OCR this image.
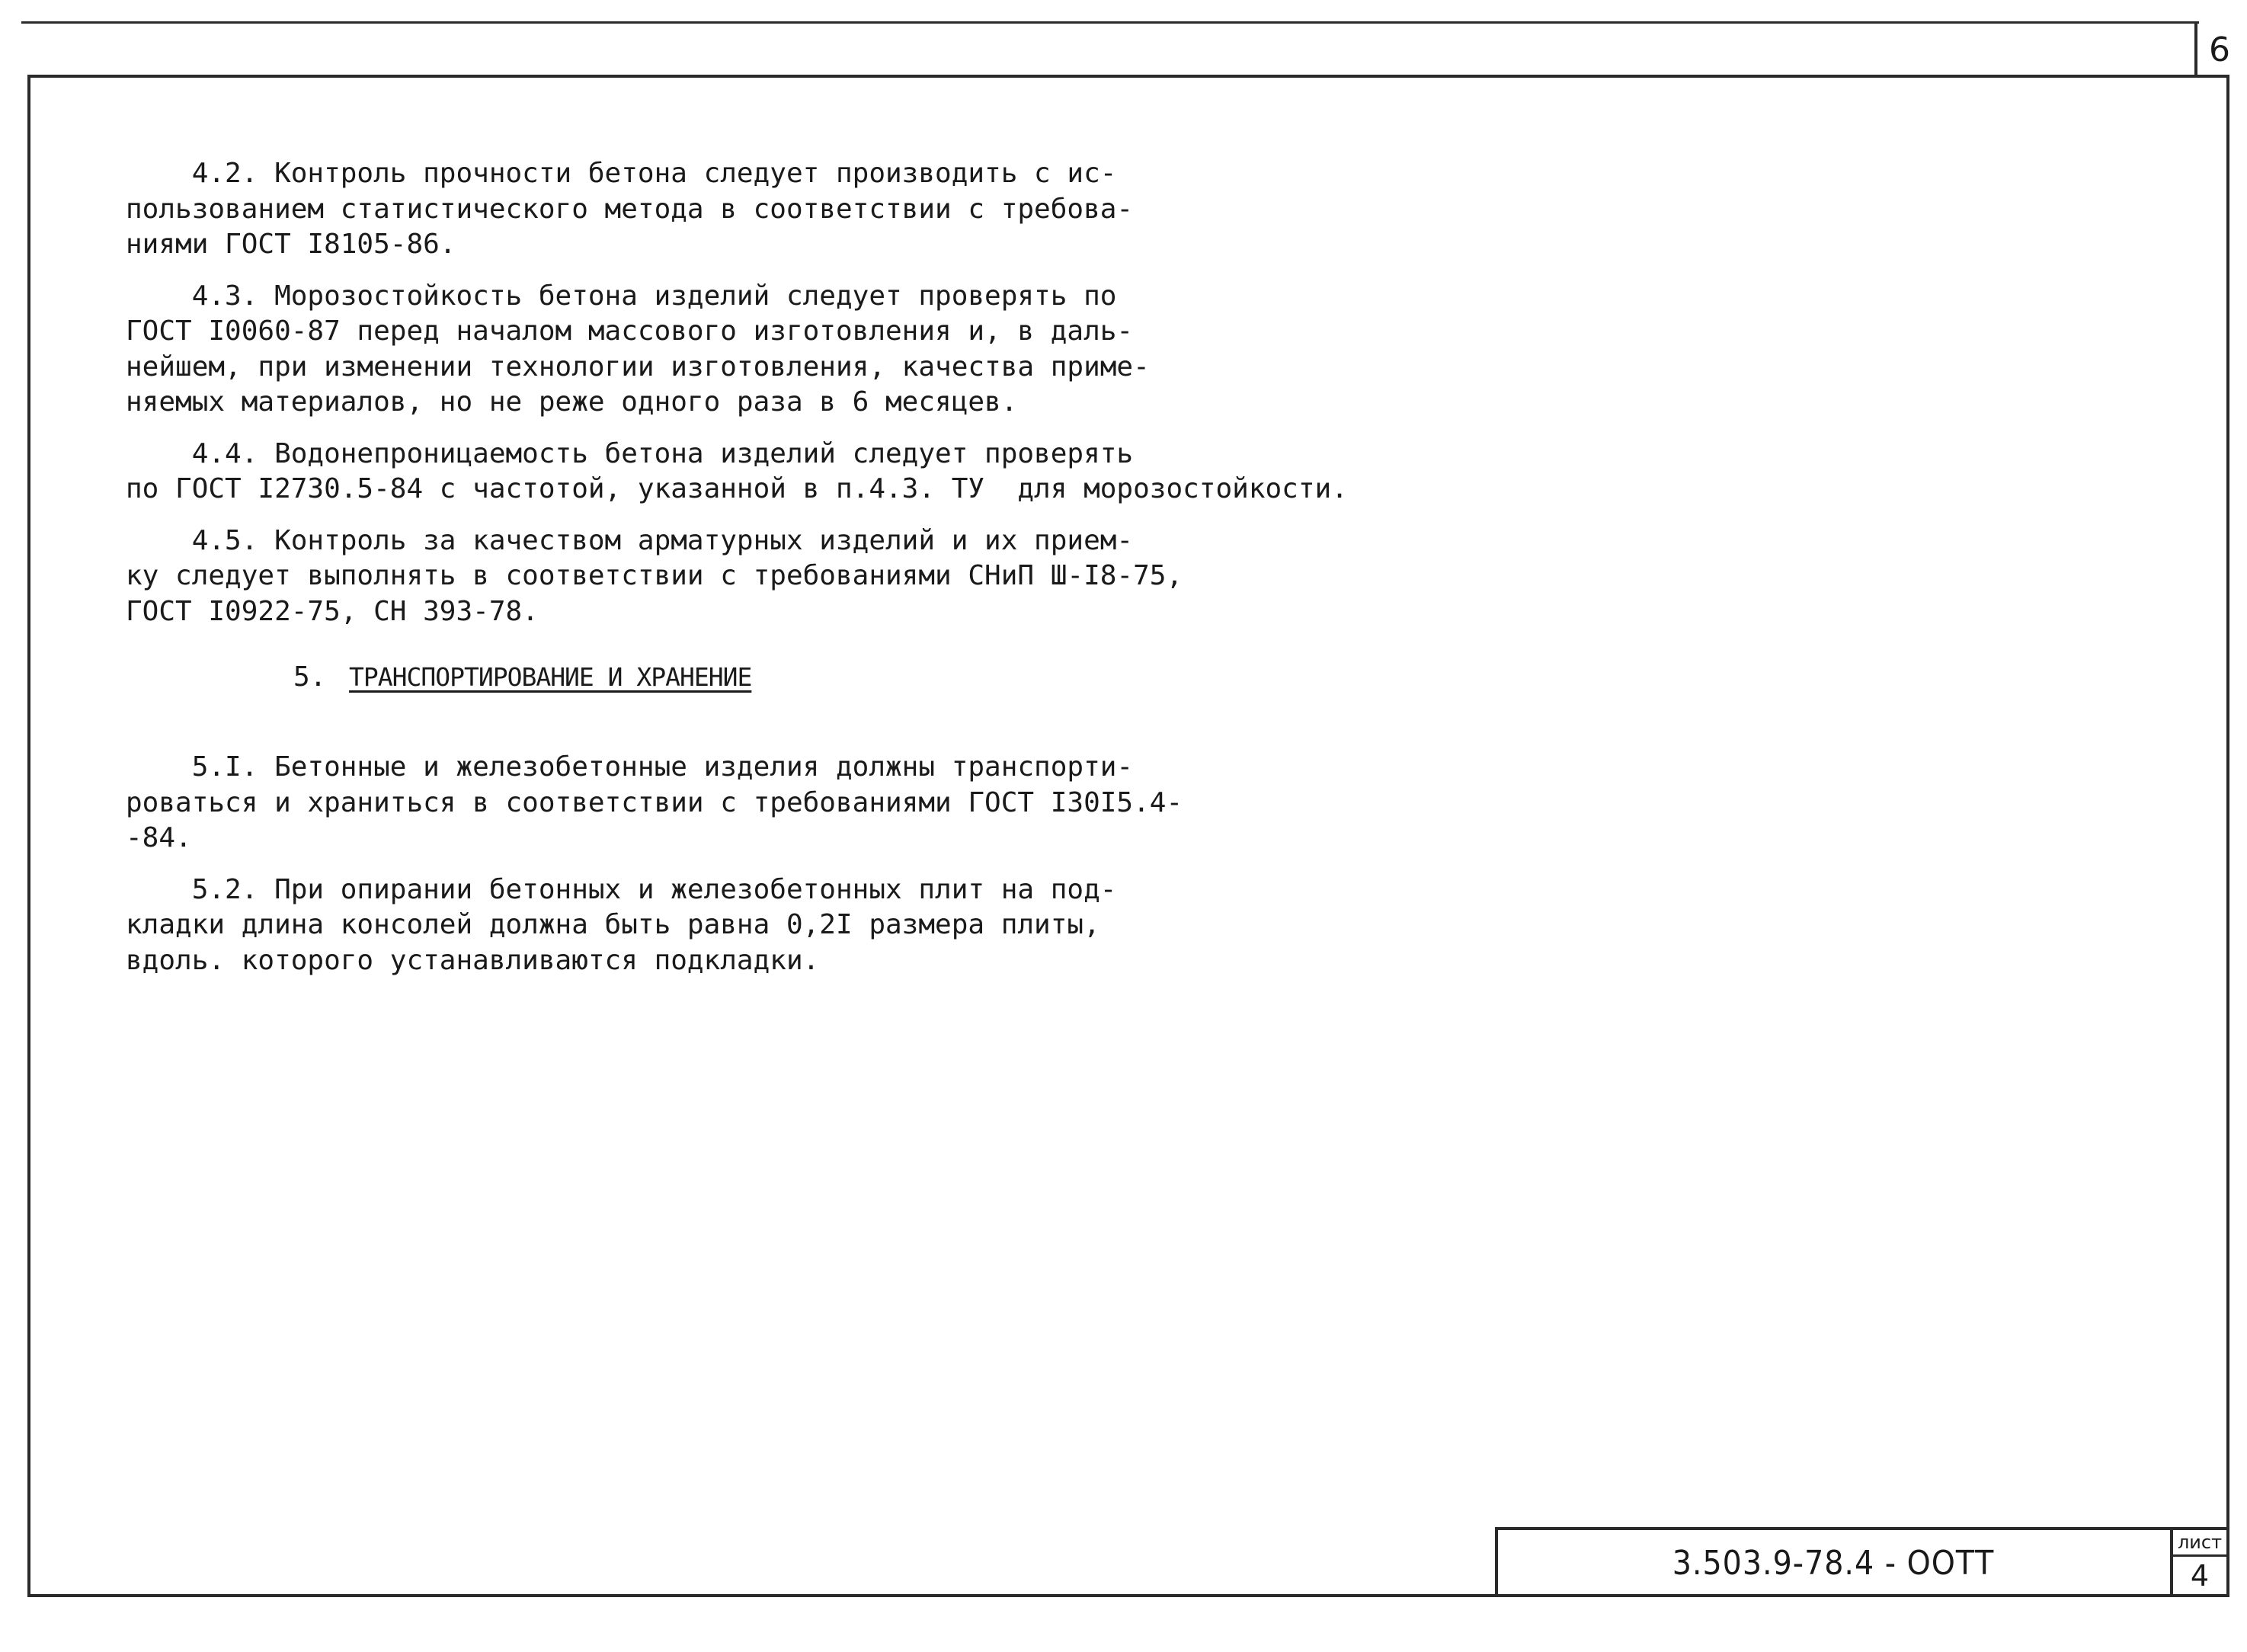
6
4.2. Контроль прочности бетона следует производить с ис-
пользованием статистического метода в соответствии с требова-
ниями ГОСТ I8105-86.
4.3. Морозостойкость бетона изделий следует проверять по
ГОСТ I0060-87 перед началом массового изготовления и, в даль-
нейшем, при изменении технологии изготовления, качества приме-
няемых материалов, но не реже одного раза в 6 месяцев.
4.4. Водонепроницаемость бетона изделий следует проверять
по ГОСТ I2730.5-84 с частотой, указанной в п.4.3. ТУ  для морозостойкости.
4.5. Контроль за качеством арматурных изделий и их прием-
ку следует выполнять в соответствии с требованиями СНиП Ш-I8-75,
ГОСТ I0922-75, СН 393-78.
5. ТРАНСПОРТИРОВАНИЕ И ХРАНЕНИЕ
5.I. Бетонные и железобетонные изделия должны транспорти-
роваться и храниться в соответствии с требованиями ГОСТ I30I5.4-
-84.
5.2. При опирании бетонных и железобетонных плит на под-
кладки длина консолей должна быть равна 0,2I размера плиты,
вдоль. которого устанавливаются подкладки.
3.503.9-78.4 - ООТТ
лист
4
